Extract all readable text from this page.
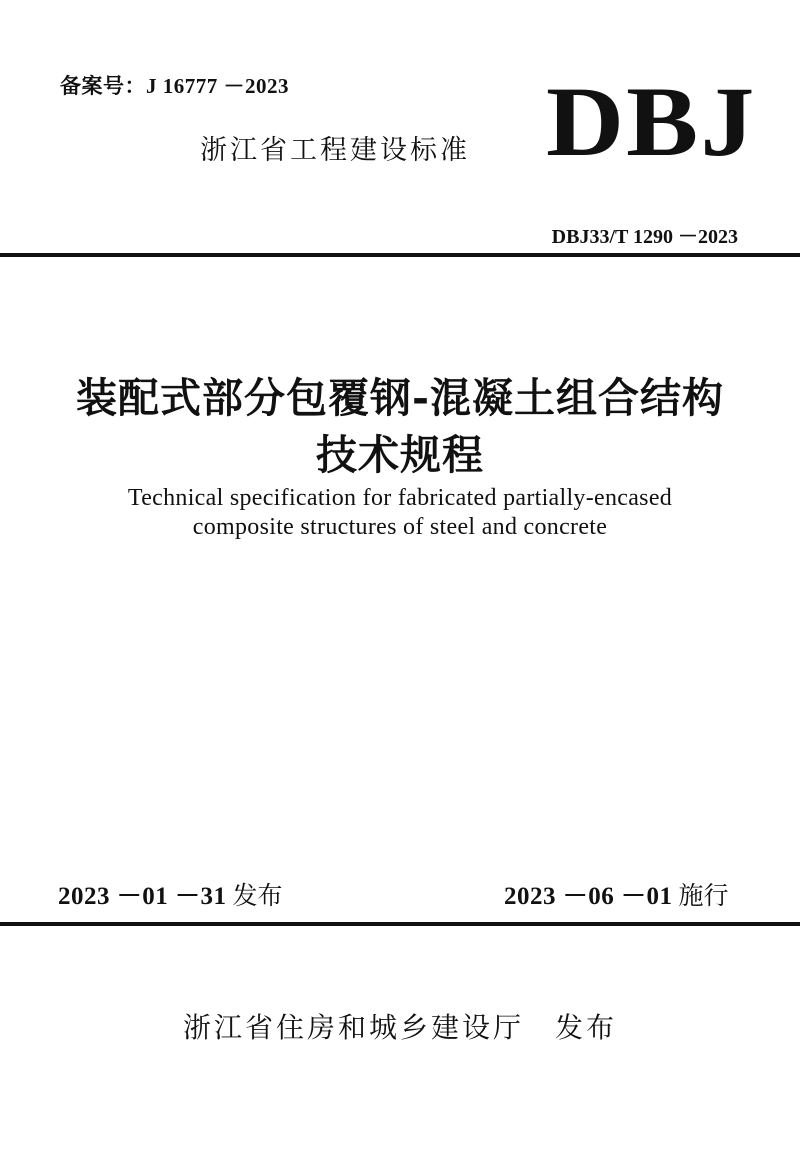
备案号：J 16777 －2023
浙江省工程建设标准 DBJ
DBJ33/T 1290 －2023
装配式部分包覆钢-混凝土组合结构
技术规程
Technical specification for fabricated partially-encased
composite structures of steel and concrete
2023 －01 －31 发布	2023 －06 －01 施行
浙江省住房和城乡建设厅　发布
